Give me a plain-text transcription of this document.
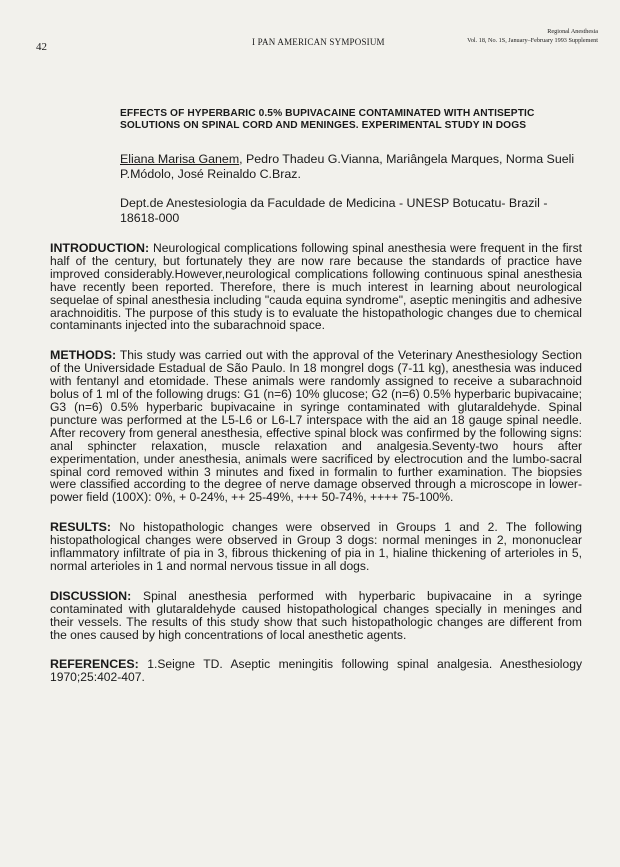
42	I PAN AMERICAN SYMPOSIUM
Regional Anesthesia
Vol. 18, No. 1S, January–February 1993 Supplement
EFFECTS OF HYPERBARIC 0.5% BUPIVACAINE CONTAMINATED WITH ANTISEPTIC SOLUTIONS ON SPINAL CORD AND MENINGES. EXPERIMENTAL STUDY IN DOGS

Eliana Marisa Ganem, Pedro Thadeu G.Vianna, Mariângela Marques, Norma Sueli P.Módolo, José Reinaldo C.Braz.

Dept.de Anestesiologia da Faculdade de Medicina - UNESP Botucatu- Brazil - 18618-000

INTRODUCTION: Neurological complications following spinal anesthesia were frequent in the first half of the century, but fortunately they are now rare because the standards of practice have improved considerably.However,neurological complications following continuous spinal anesthesia have recently been reported. Therefore, there is much interest in learning about neurological sequelae of spinal anesthesia including "cauda equina syndrome", aseptic meningitis and adhesive arachnoiditis. The purpose of this study is to evaluate the histopathologic changes due to chemical contaminants injected into the subarachnoid space.

METHODS: This study was carried out with the approval of the Veterinary Anesthesiology Section of the Universidade Estadual de São Paulo. In 18 mongrel dogs (7-11 kg), anesthesia was induced with fentanyl and etomidade. These animals were randomly assigned to receive a subarachnoid bolus of 1 ml of the following drugs: G1 (n=6) 10% glucose; G2 (n=6) 0.5% hyperbaric bupivacaine; G3 (n=6) 0.5% hyperbaric bupivacaine in syringe contaminated with glutaraldehyde. Spinal puncture was performed at the L5-L6 or L6-L7 interspace with the aid an 18 gauge spinal needle. After recovery from general anesthesia, effective spinal block was confirmed by the following signs: anal sphincter relaxation, muscle relaxation and analgesia.Seventy-two hours after experimentation, under anesthesia, animals were sacrificed by electrocution and the lumbo-sacral spinal cord removed within 3 minutes and fixed in formalin to further examination. The biopsies were classified according to the degree of nerve damage observed through a microscope in lower-power field (100X): 0%, + 0-24%, ++ 25-49%, +++ 50-74%, ++++ 75-100%.

RESULTS: No histopathologic changes were observed in Groups 1 and 2. The following histopathological changes were observed in Group 3 dogs: normal meninges in 2, mononuclear inflammatory infiltrate of pia in 3, fibrous thickening of pia in 1, hialine thickening of arterioles in 5, normal arterioles in 1 and normal nervous tissue in all dogs.

DISCUSSION: Spinal anesthesia performed with hyperbaric bupivacaine in a syringe contaminated with glutaraldehyde caused histopathological changes specially in meninges and their vessels. The results of this study show that such histopathologic changes are different from the ones caused by high concentrations of local anesthetic agents.

REFERENCES: 1.Seigne TD. Aseptic meningitis following spinal analgesia. Anesthesiology 1970;25:402-407.
